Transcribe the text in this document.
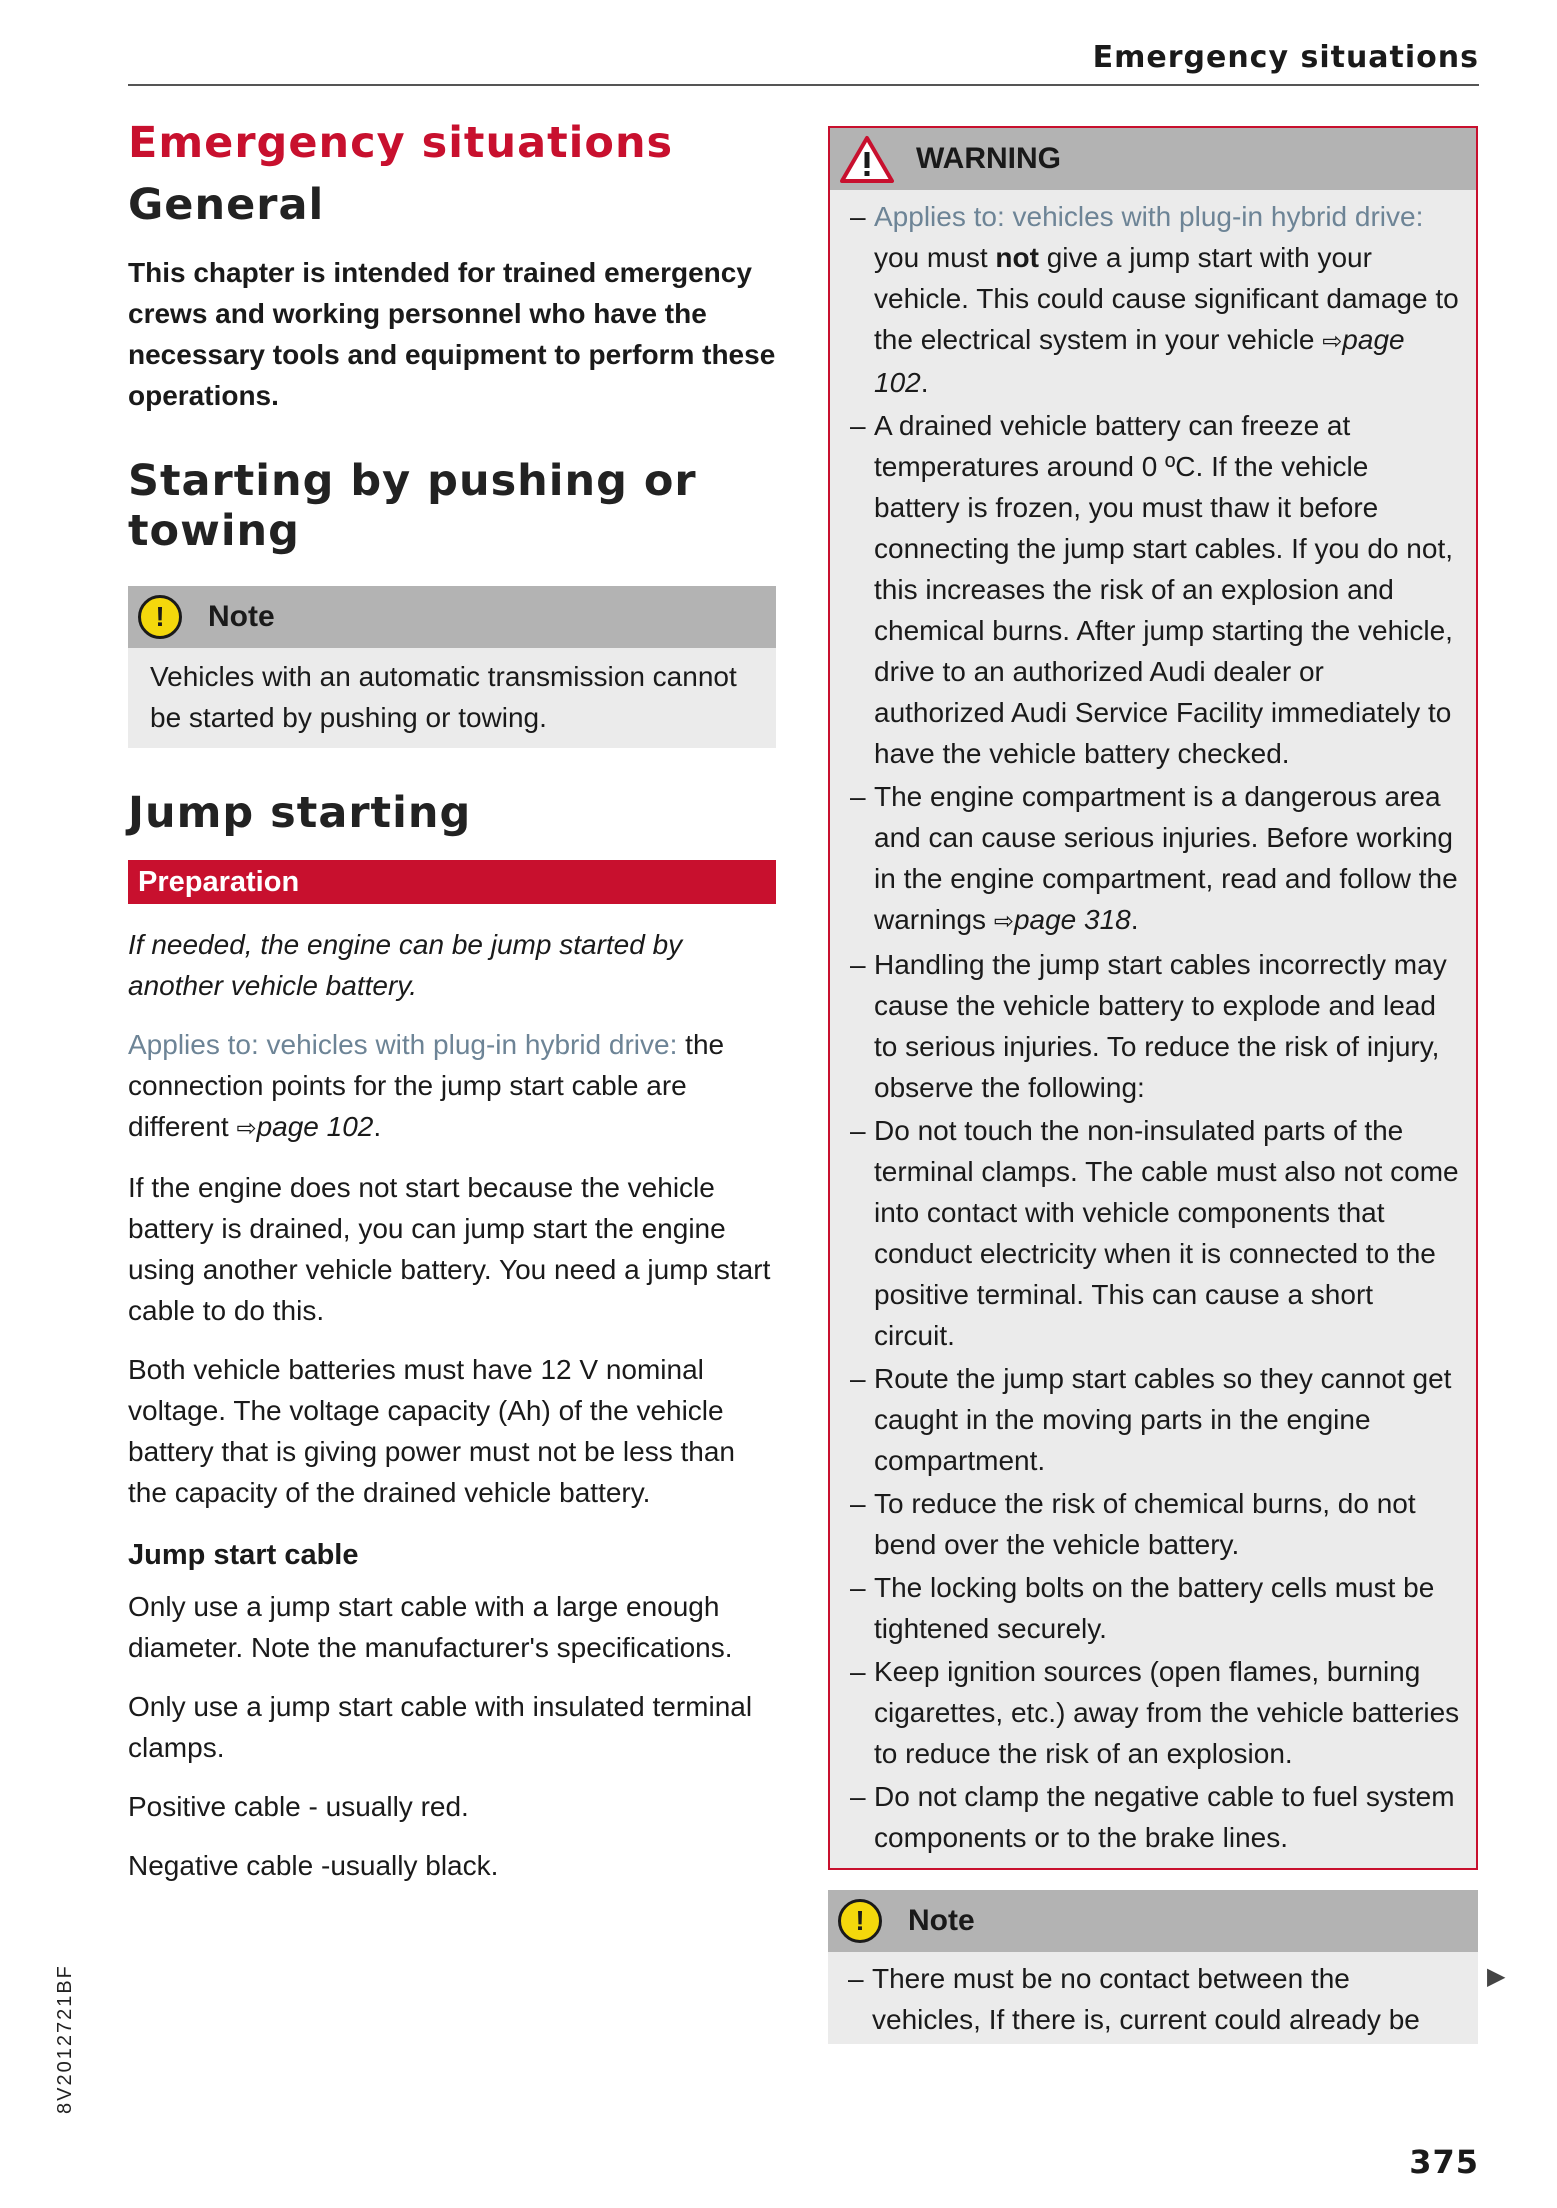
Emergency situations
Emergency situations
General

This chapter is intended for trained emergency crews and working personnel who have the necessary tools and equipment to perform these operations.

Starting by pushing or towing
!	Note
Vehicles with an automatic transmission cannot be started by pushing or towing.
Jump starting
Preparation

If needed, the engine can be jump started by another vehicle battery.

Applies to: vehicles with plug-in hybrid drive: the connection points for the jump start cable are different ⇨page 102.

If the engine does not start because the vehicle battery is drained, you can jump start the engine using another vehicle battery. You need a jump start cable to do this.

Both vehicle batteries must have 12 V nominal voltage. The voltage capacity (Ah) of the vehicle battery that is giving power must not be less than the capacity of the drained vehicle battery.

Jump start cable

Only use a jump start cable with a large enough diameter. Note the manufacturer's specifications.

Only use a jump start cable with insulated terminal clamps.

Positive cable - usually red.

Negative cable -usually black.

WARNING
– Applies to: vehicles with plug-in hybrid drive: you must not give a jump start with your vehicle. This could cause significant damage to the electrical system in your vehicle ⇨page 102.
– A drained vehicle battery can freeze at temperatures around 0 ºC. If the vehicle battery is frozen, you must thaw it before connecting the jump start cables. If you do not, this increases the risk of an explosion and chemical burns. After jump starting the vehicle, drive to an authorized Audi dealer or authorized Audi Service Facility immediately to have the vehicle battery checked.
– The engine compartment is a dangerous area and can cause serious injuries. Before working in the engine compartment, read and follow the warnings ⇨page 318.
– Handling the jump start cables incorrectly may cause the vehicle battery to explode and lead to serious injuries. To reduce the risk of injury, observe the following:
– Do not touch the non-insulated parts of the terminal clamps. The cable must also not come into contact with vehicle components that conduct electricity when it is connected to the positive terminal. This can cause a short circuit.
– Route the jump start cables so they cannot get caught in the moving parts in the engine compartment.
– To reduce the risk of chemical burns, do not bend over the vehicle battery.
– The locking bolts on the battery cells must be tightened securely.
– Keep ignition sources (open flames, burning cigarettes, etc.) away from the vehicle batteries to reduce the risk of an explosion.
– Do not clamp the negative cable to fuel system components or to the brake lines.
!	Note
– There must be no contact between the vehicles, If there is, current could already be
▶
375
8V2012721BF
